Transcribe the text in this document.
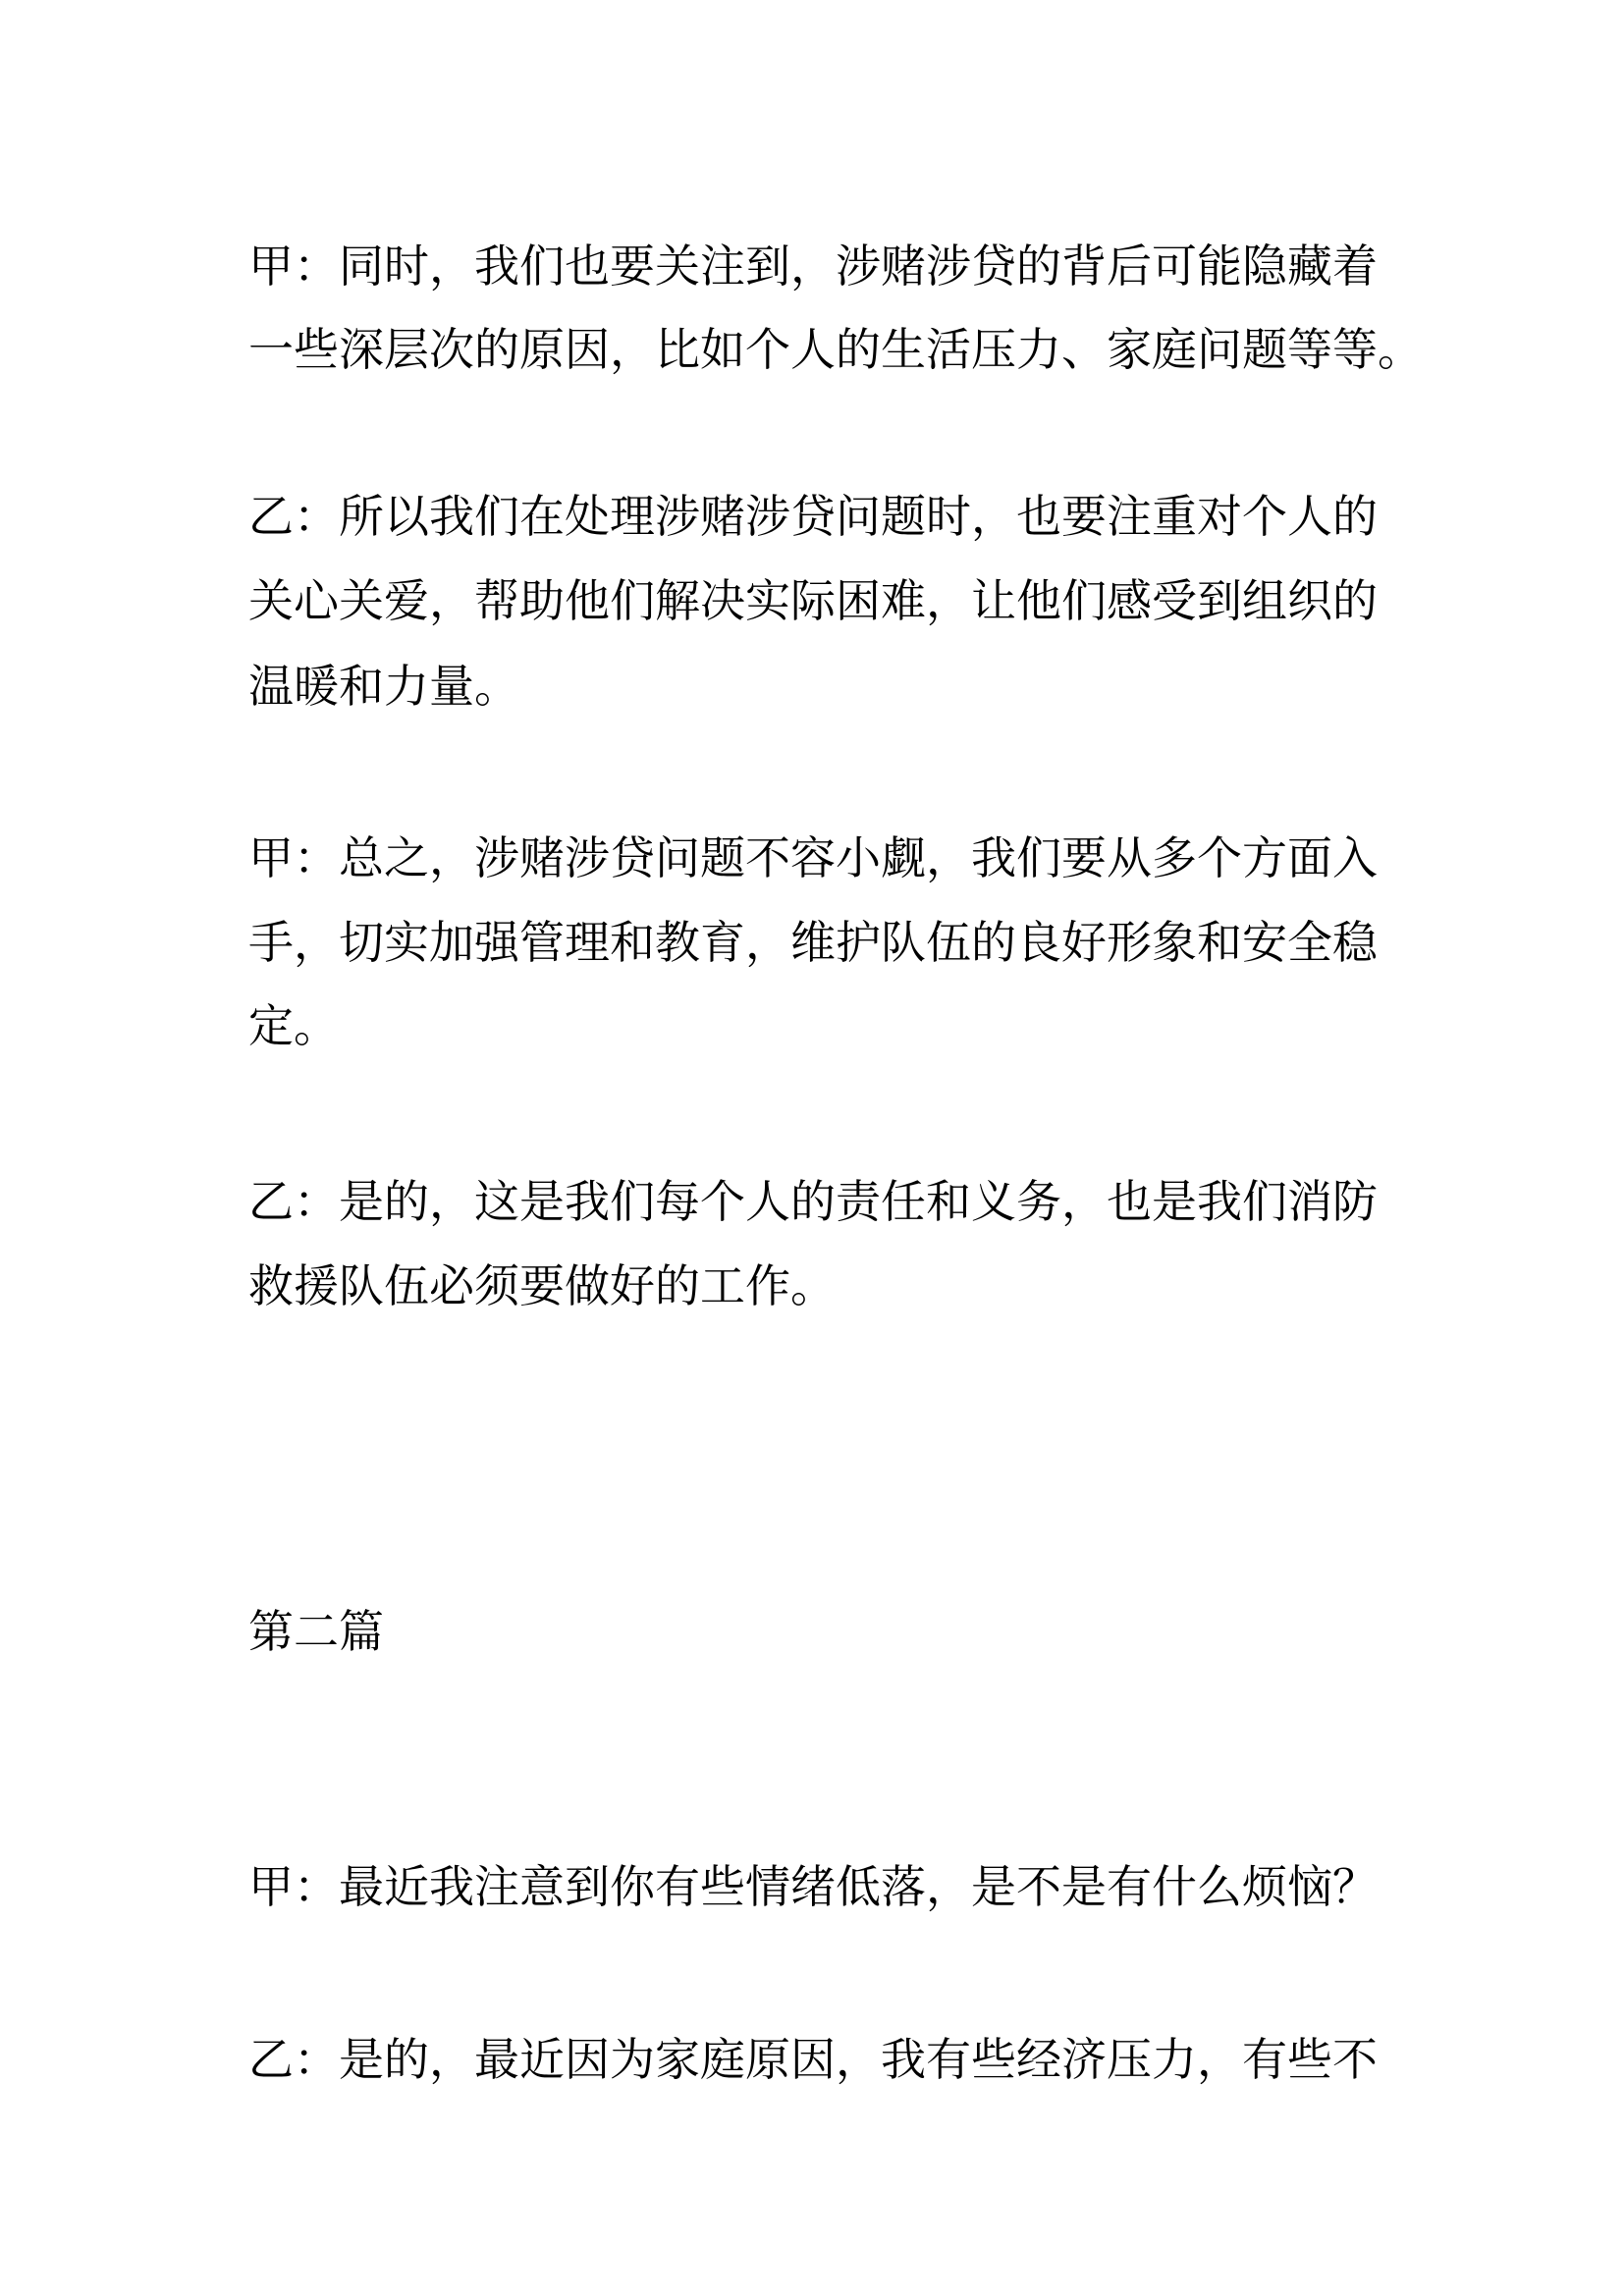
甲：同时，我们也要关注到，涉赌涉贷的背后可能隐藏着
一些深层次的原因，比如个人的生活压力、家庭问题等等。
乙：所以我们在处理涉赌涉贷问题时，也要注重对个人的
关心关爱，帮助他们解决实际困难，让他们感受到组织的
温暖和力量。
甲：总之，涉赌涉贷问题不容小觑，我们要从多个方面入
手，切实加强管理和教育，维护队伍的良好形象和安全稳
定。
乙：是的，这是我们每个人的责任和义务，也是我们消防
救援队伍必须要做好的工作。
第二篇
甲：最近我注意到你有些情绪低落，是不是有什么烦恼？
乙：是的，最近因为家庭原因，我有些经济压力，有些不
